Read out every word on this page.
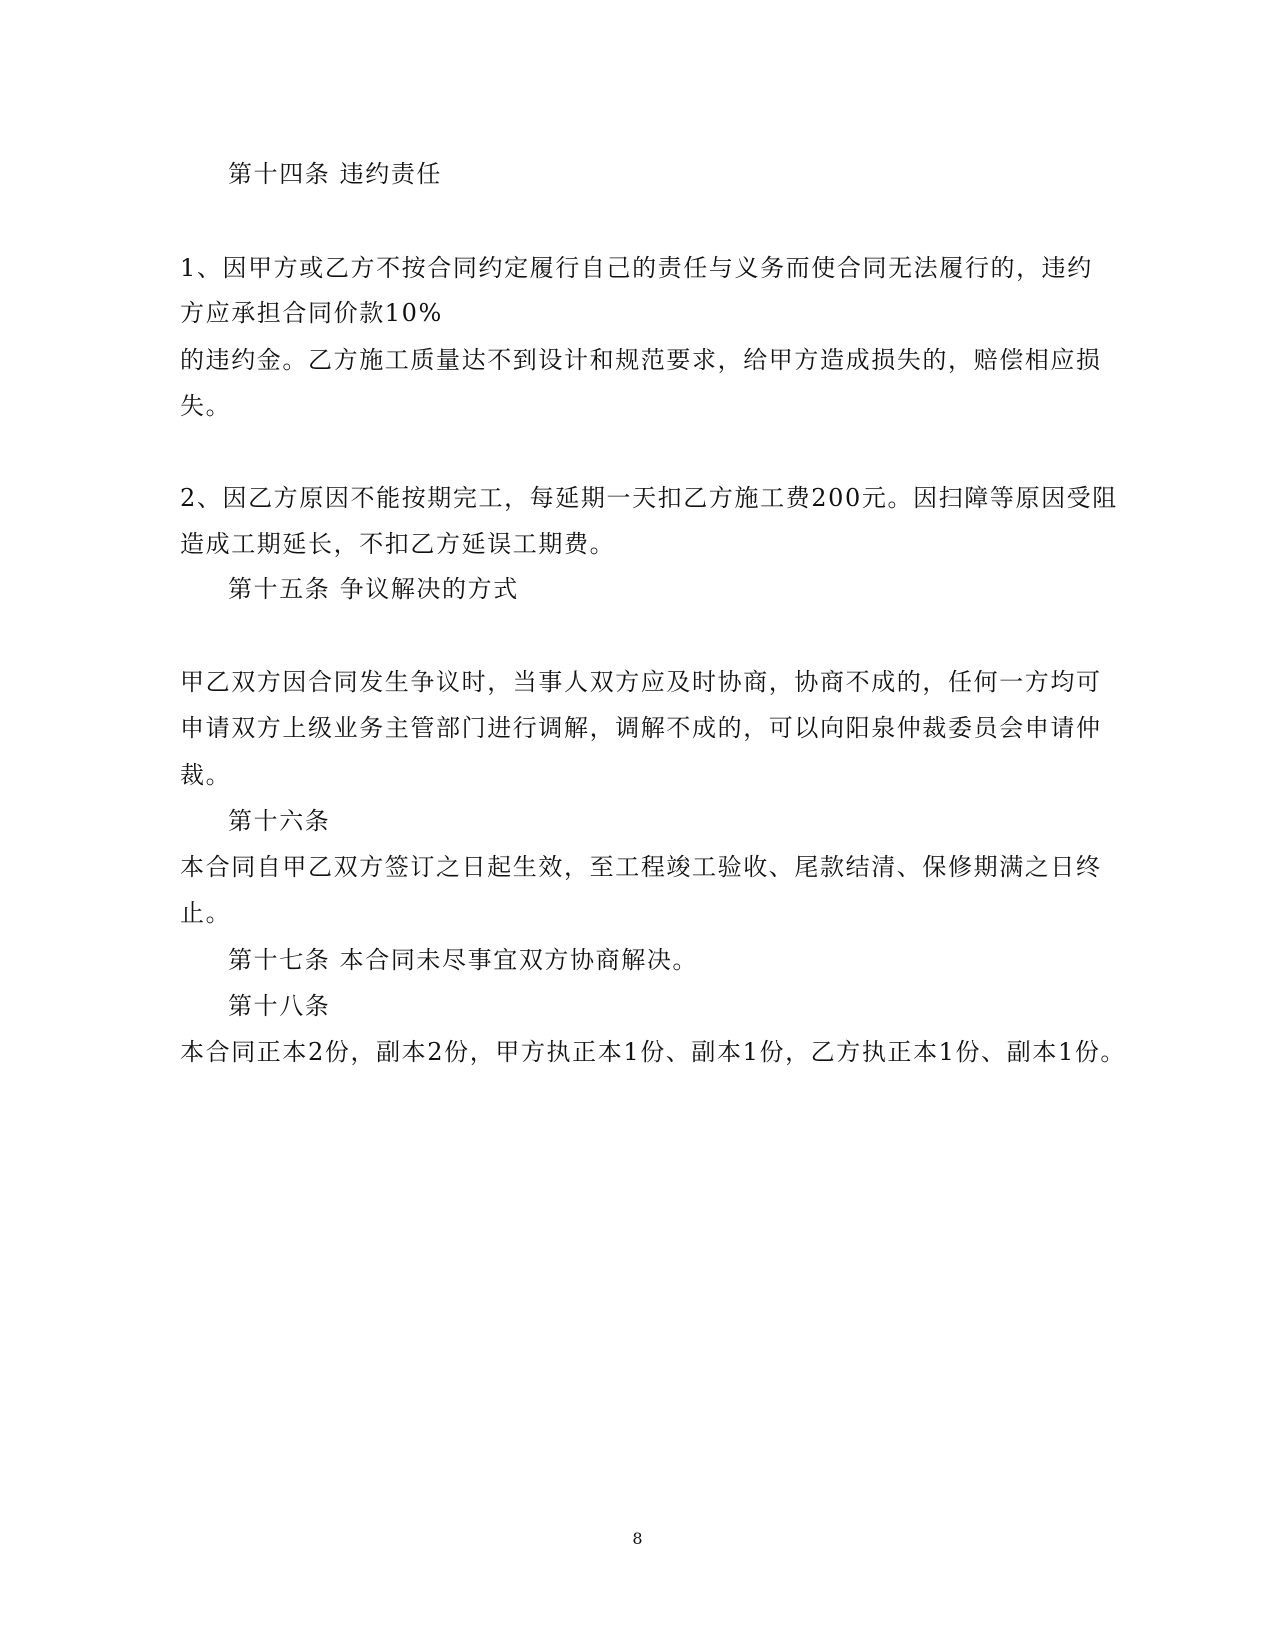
第十四条 违约责任
1、因甲方或乙方不按合同约定履行自己的责任与义务而使合同无法履行的，违约
方应承担合同价款10%
的违约金。乙方施工质量达不到设计和规范要求，给甲方造成损失的，赔偿相应损
失。
2、因乙方原因不能按期完工，每延期一天扣乙方施工费200元。因扫障等原因受阻
造成工期延长，不扣乙方延误工期费。
第十五条 争议解决的方式
甲乙双方因合同发生争议时，当事人双方应及时协商，协商不成的，任何一方均可
申请双方上级业务主管部门进行调解，调解不成的，可以向阳泉仲裁委员会申请仲
裁。
第十六条
本合同自甲乙双方签订之日起生效，至工程竣工验收、尾款结清、保修期满之日终
止。
第十七条 本合同未尽事宜双方协商解决。
第十八条
本合同正本2份，副本2份，甲方执正本1份、副本1份，乙方执正本1份、副本1份。
8
